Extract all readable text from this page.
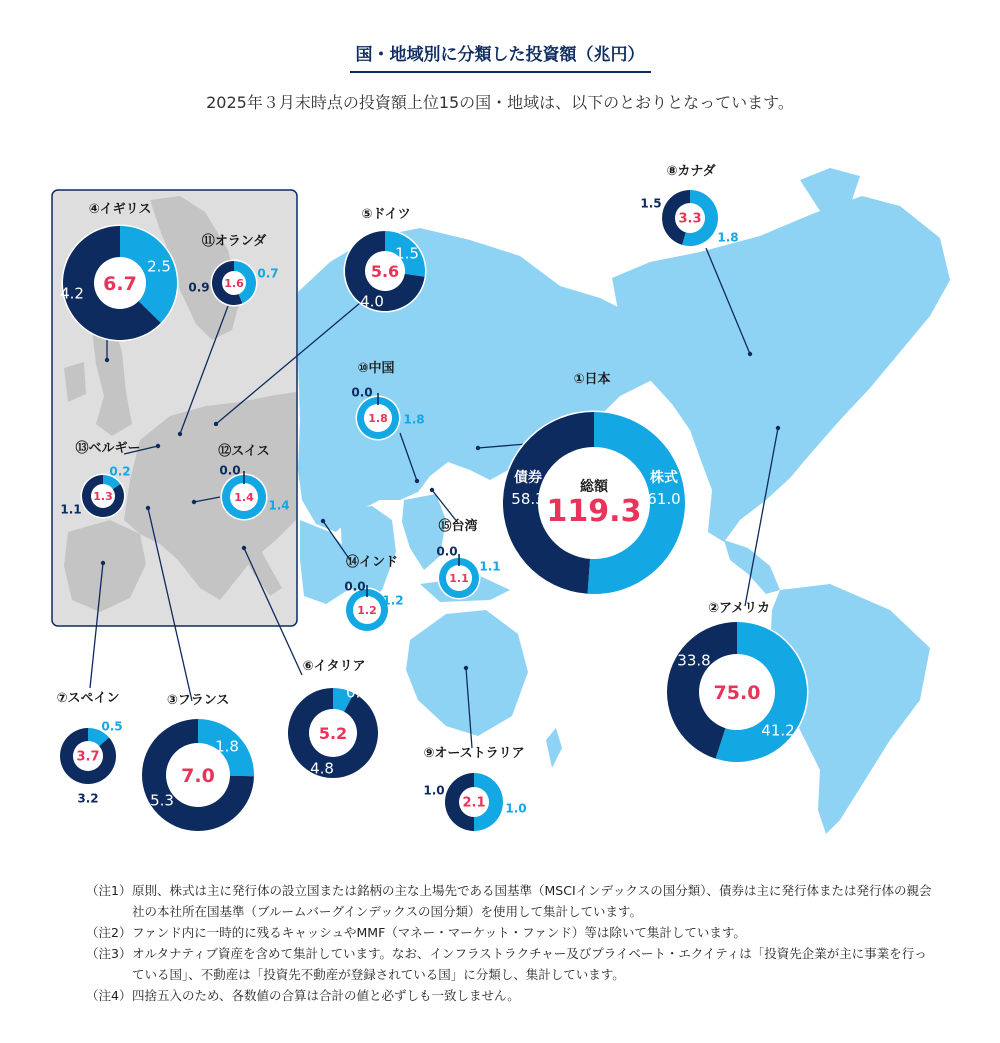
国・地域別に分類した投資額（兆円）
2025年３月末時点の投資額上位15の国・地域は、以下のとおりとなっています。
①日本
総額
119.3
債券
58.3
株式
61.0
②アメリカ
75.0
33.8
41.2
③フランス
7.0
5.3
1.8
④イギリス
6.7
4.2
2.5
⑤ドイツ
5.6
4.0
1.5
⑥イタリア
5.2
4.8
0.4
⑦スペイン
3.7
3.2
0.5
⑧カナダ
3.3
1.5
1.8
⑨オーストラリア
2.1
1.0
1.0
⑩中国
1.8
0.0
1.8
⑪オランダ
1.6
0.9
0.7
⑫スイス
1.4
0.0
1.4
⑬ベルギー
1.3
1.1
0.2
⑭インド
1.2
0.0
1.2
⑮台湾
1.1
0.0
1.1
（注1） 原則、株式は主に発行体の設立国または銘柄の主な上場先である国基準（MSCIインデックスの国分類）、債券は主に発行体または発行体の親会社の本社所在国基準（ブルームバーグインデックスの国分類）を使用して集計しています。
（注2） ファンド内に一時的に残るキャッシュやMMF（マネー・マーケット・ファンド）等は除いて集計しています。
（注3） オルタナティブ資産を含めて集計しています。なお、インフラストラクチャー及びプライベート・エクイティは「投資先企業が主に事業を行っている国」、不動産は「投資先不動産が登録されている国」に分類し、集計しています。
（注4） 四捨五入のため、各数値の合算は合計の値と必ずしも一致しません。
